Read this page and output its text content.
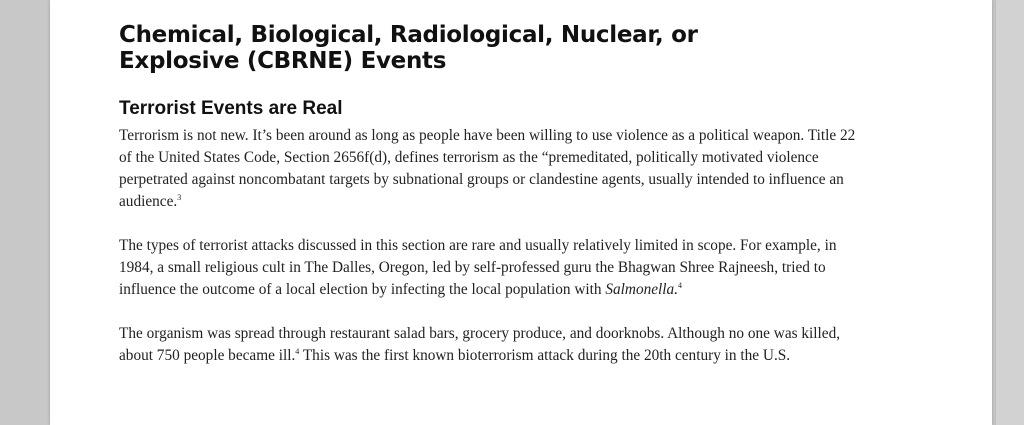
Chemical, Biological, Radiological, Nuclear, or
Explosive (CBRNE) Events
Terrorist Events are Real

Terrorism is not new. It’s been around as long as people have been willing to use violence as a political weapon. Title 22 of the United States Code, Section 2656f(d), defines terrorism as the “premeditated, politically motivated violence perpetrated against noncombatant targets by subnational groups or clandestine agents, usually intended to influence an audience.$^3$

The types of terrorist attacks discussed in this section are rare and usually relatively limited in scope. For example, in 1984, a small religious cult in The Dalles, Oregon, led by self-professed guru the Bhagwan Shree Rajneesh, tried to influence the outcome of a local election by infecting the local population with Salmonella.$^4$

The organism was spread through restaurant salad bars, grocery produce, and doorknobs. Although no one was killed, about 750 people became ill.$^4$ This was the first known bioterrorism attack during the 20th century in the U.S.
